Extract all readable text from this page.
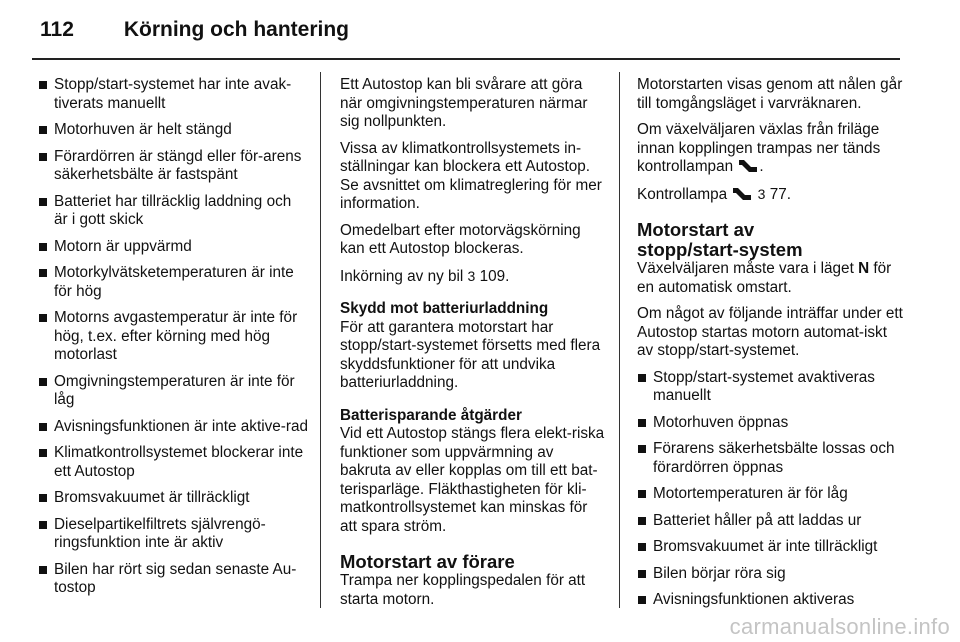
112 Körning och hantering
Stopp/start-systemet har inte avak-tiverats manuellt
Motorhuven är helt stängd
Förardörren är stängd eller för-arens säkerhetsbälte är fastspänt
Batteriet har tillräcklig laddning och är i gott skick
Motorn är uppvärmd
Motorkylvätsketemperaturen är inte för hög
Motorns avgastemperatur är inte för hög, t.ex. efter körning med hög motorlast
Omgivningstemperaturen är inte för låg
Avisningsfunktionen är inte aktive-rad
Klimatkontrollsystemet blockerar inte ett Autostop
Bromsvakuumet är tillräckligt
Dieselpartikelfiltrets självrengö-ringsfunktion inte är aktiv
Bilen har rört sig sedan senaste Au-tostop

Ett Autostop kan bli svårare att göra när omgivningstemperaturen närmar sig nollpunkten.

Vissa av klimatkontrollsystemets in-ställningar kan blockera ett Autostop. Se avsnittet om klimatreglering för mer information.

Omedelbart efter motorvägskörning kan ett Autostop blockeras.

Inkörning av ny bil 3 109.

Skydd mot batteriurladdning

För att garantera motorstart har stopp/start-systemet försetts med flera skyddsfunktioner för att undvika batteriurladdning.

Batterisparande åtgärder

Vid ett Autostop stängs flera elekt-riska funktioner som uppvärmning av bakruta av eller kopplas om till ett bat-terisparläge. Fläkthastigheten för kli-matkontrollsystemet kan minskas för att spara ström.

Motorstart av förare

Trampa ner kopplingspedalen för att starta motorn.

Motorstarten visas genom att nålen går till tomgångsläget i varvräknaren.

Om växelväljaren växlas från friläge innan kopplingen trampas ner tänds kontrollampan .

Kontrollampa 3 77.

Motorstart av
stopp/start-system

Växelväljaren måste vara i läget N för en automatisk omstart.

Om något av följande inträffar under ett Autostop startas motorn automat-iskt av stopp/start-systemet.

Stopp/start-systemet avaktiveras manuellt
Motorhuven öppnas
Förarens säkerhetsbälte lossas och förardörren öppnas
Motortemperaturen är för låg
Batteriet håller på att laddas ur
Bromsvakuumet är inte tillräckligt
Bilen börjar röra sig
Avisningsfunktionen aktiveras
carmanualsonline.info
